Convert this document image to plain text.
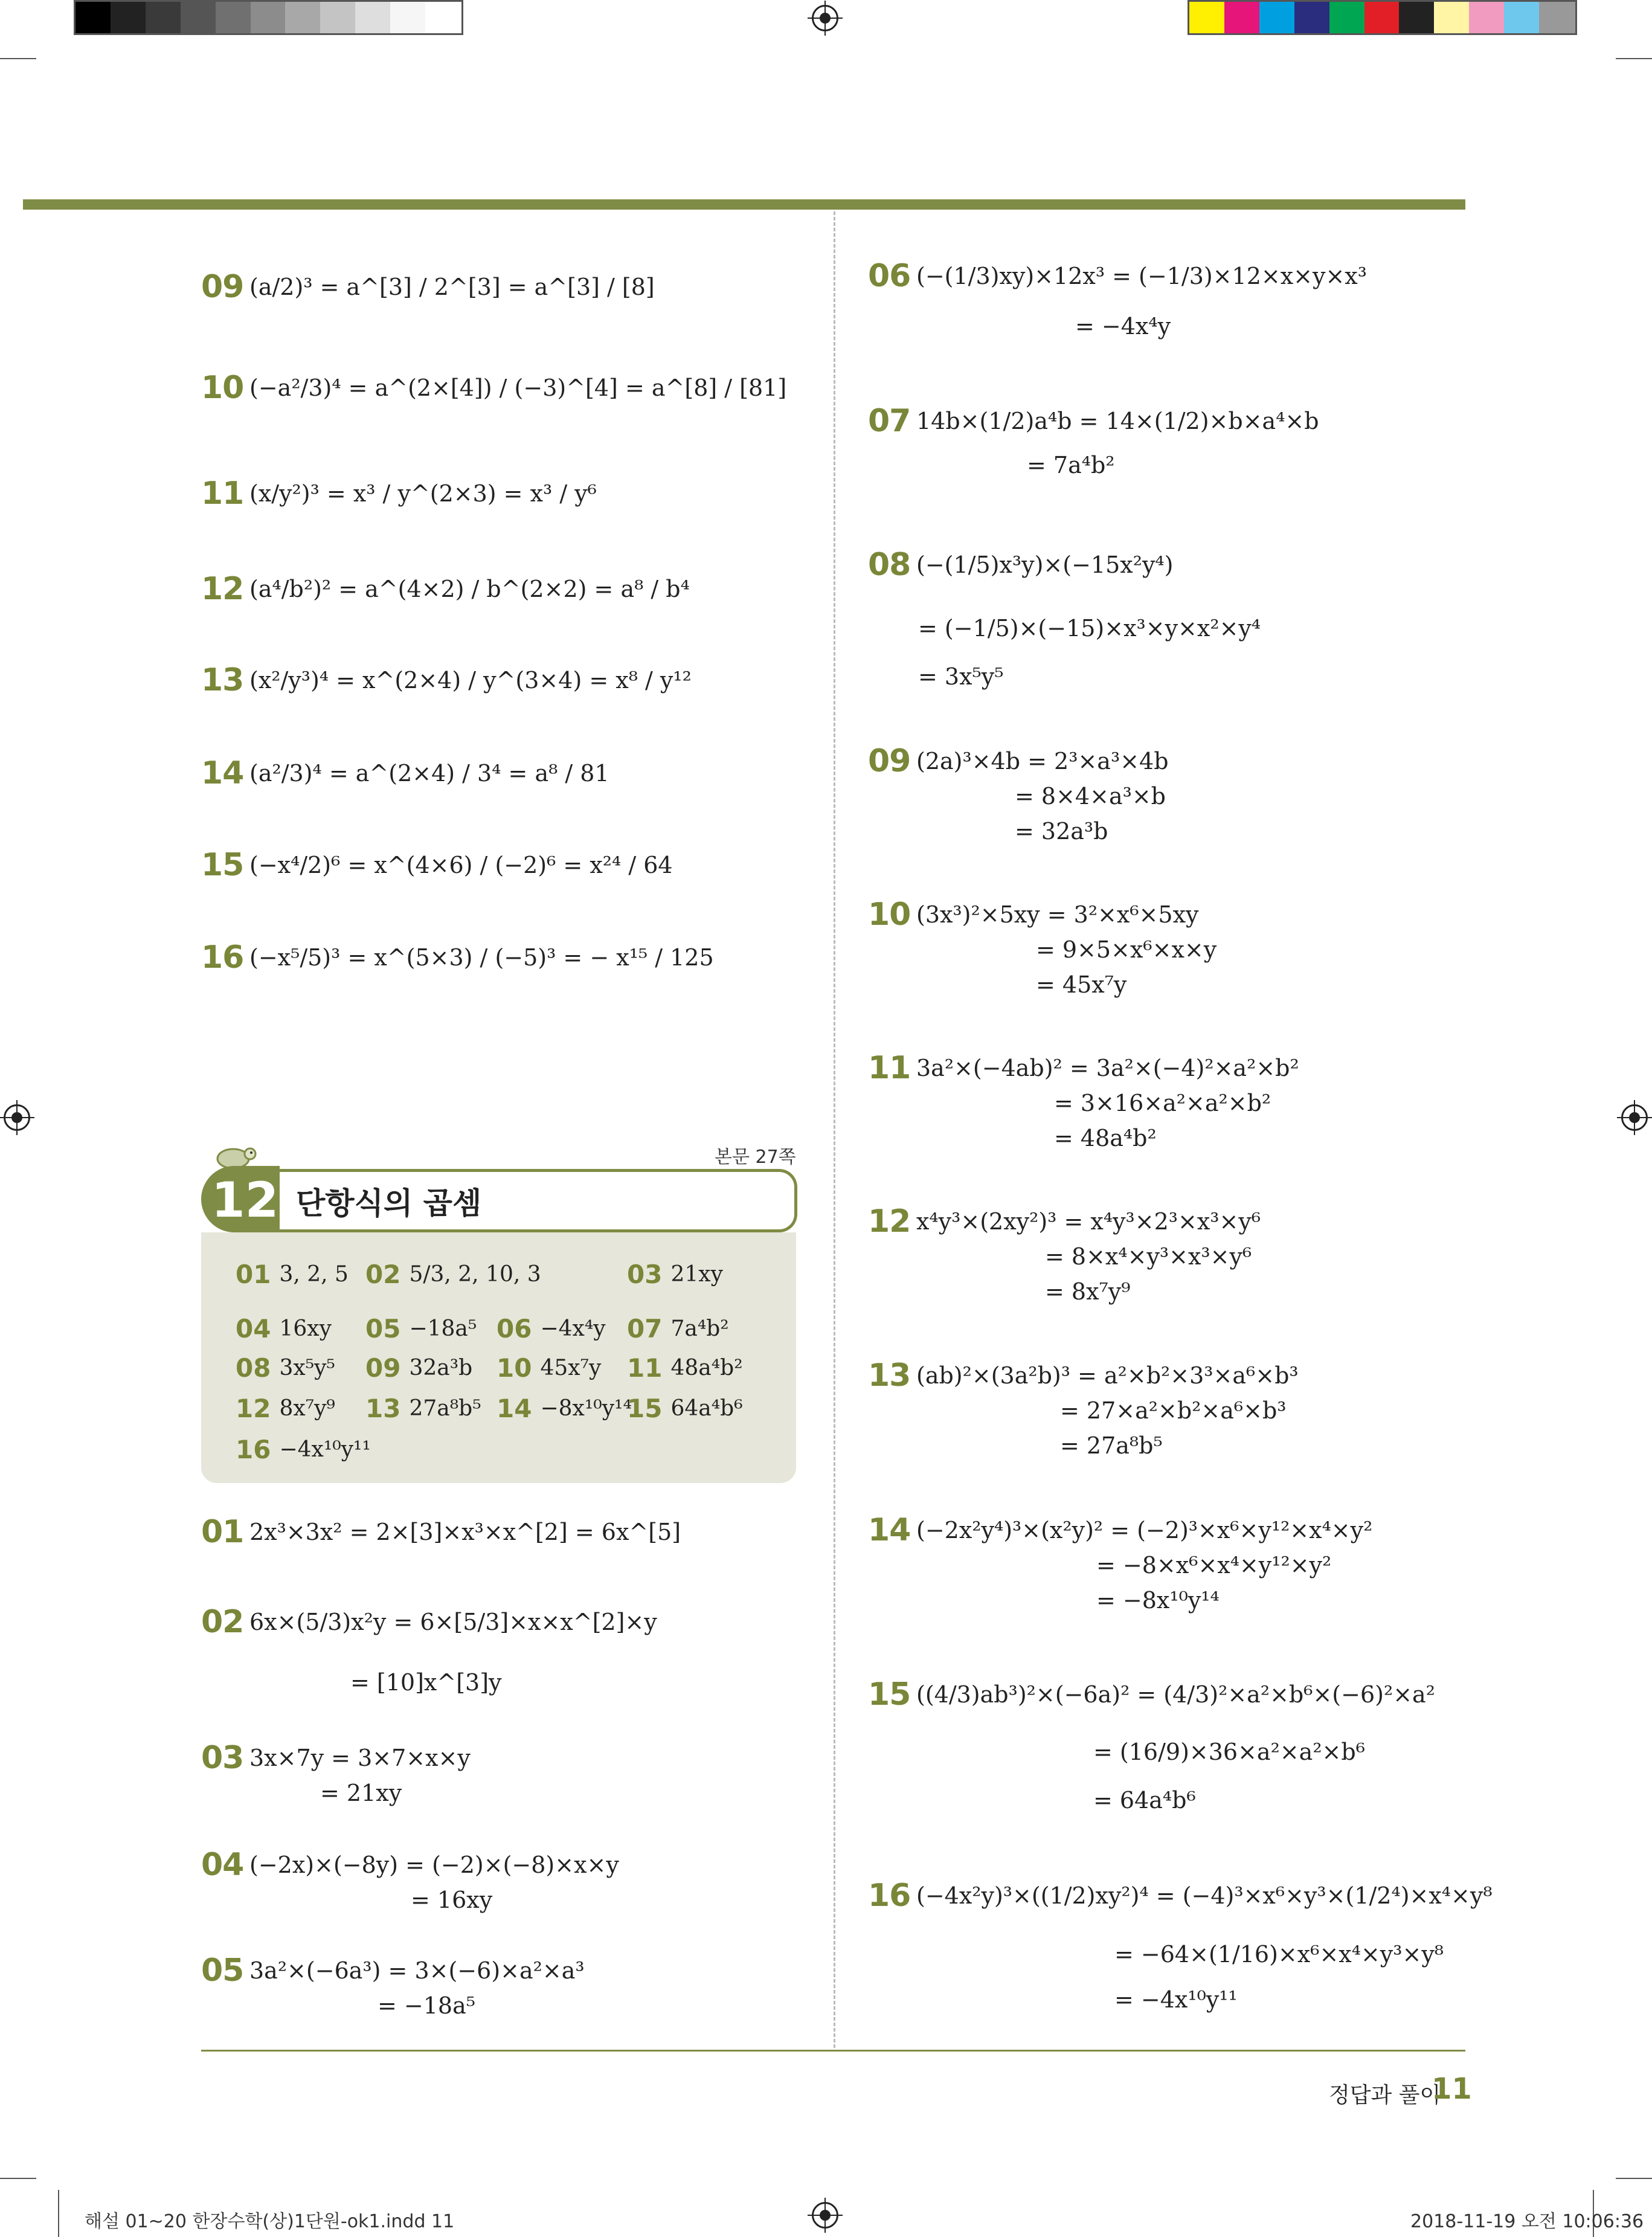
09 (a/2)³ = a^[3] / 2^[3] = a^[3] / [8]
10 (−a²/3)⁴ = a^(2×[4]) / (−3)^[4] = a^[8] / [81]
11 (x/y²)³ = x³ / y^(2×3) = x³ / y⁶
12 (a⁴/b²)² = a^(4×2) / b^(2×2) = a⁸ / b⁴
13 (x²/y³)⁴ = x^(2×4) / y^(3×4) = x⁸ / y¹²
14 (a²/3)⁴ = a^(2×4) / 3⁴ = a⁸ / 81
15 (−x⁴/2)⁶ = x^(4×6) / (−2)⁶ = x²⁴ / 64
16 (−x⁵/5)³ = x^(5×3) / (−5)³ = − x¹⁵ / 125
본문 27쪽
12 단항식의 곱셈
01 3, 2, 5 02 5/3, 2, 10, 3	03 21xy
04 16xy 05 −18a⁵ 06 −4x⁴y 07 7a⁴b²
08 3x⁵y⁵ 09 32a³b 10 45x⁷y 11 48a⁴b²
12 8x⁷y⁹ 13 27a⁸b⁵ 14 −8x¹⁰y¹⁴
15 64a⁴b⁶
16 −4x¹⁰y¹¹
01 2x³×3x² = 2×[3]×x³×x^[2] = 6x^[5]
02 6x×(5/3)x²y = 6×[5/3]×x×x^[2]×y
= [10]x^[3]y
03 3x×7y = 3×7×x×y
= 21xy
04 (−2x)×(−8y) = (−2)×(−8)×x×y
= 16xy
05 3a²×(−6a³) = 3×(−6)×a²×a³
= −18a⁵
06 (−(1/3)xy)×12x³ = (−1/3)×12×x×y×x³
= −4x⁴y
07 14b×(1/2)a⁴b = 14×(1/2)×b×a⁴×b
= 7a⁴b²
08 (−(1/5)x³y)×(−15x²y⁴)
= (−1/5)×(−15)×x³×y×x²×y⁴
= 3x⁵y⁵
09 (2a)³×4b = 2³×a³×4b
= 8×4×a³×b
= 32a³b
10 (3x³)²×5xy = 3²×x⁶×5xy
= 9×5×x⁶×x×y
= 45x⁷y
11 3a²×(−4ab)² = 3a²×(−4)²×a²×b²
= 3×16×a²×a²×b²
= 48a⁴b²
12 x⁴y³×(2xy²)³ = x⁴y³×2³×x³×y⁶
= 8×x⁴×y³×x³×y⁶
= 8x⁷y⁹
13 (ab)²×(3a²b)³ = a²×b²×3³×a⁶×b³
= 27×a²×b²×a⁶×b³
= 27a⁸b⁵
14 (−2x²y⁴)³×(x²y)² = (−2)³×x⁶×y¹²×x⁴×y²
= −8×x⁶×x⁴×y¹²×y²
= −8x¹⁰y¹⁴
15 ((4/3)ab³)²×(−6a)² = (4/3)²×a²×b⁶×(−6)²×a²
= (16/9)×36×a²×a²×b⁶
= 64a⁴b⁶
16 (−4x²y)³×((1/2)xy²)⁴ = (−4)³×x⁶×y³×(1/2⁴)×x⁴×y⁸
= −64×(1/16)×x⁶×x⁴×y³×y⁸
= −4x¹⁰y¹¹
정답과 풀이
11
해설 01~20 한장수학(상)1단원-ok1.indd 11	2018-11-19 오전 10:06:36
